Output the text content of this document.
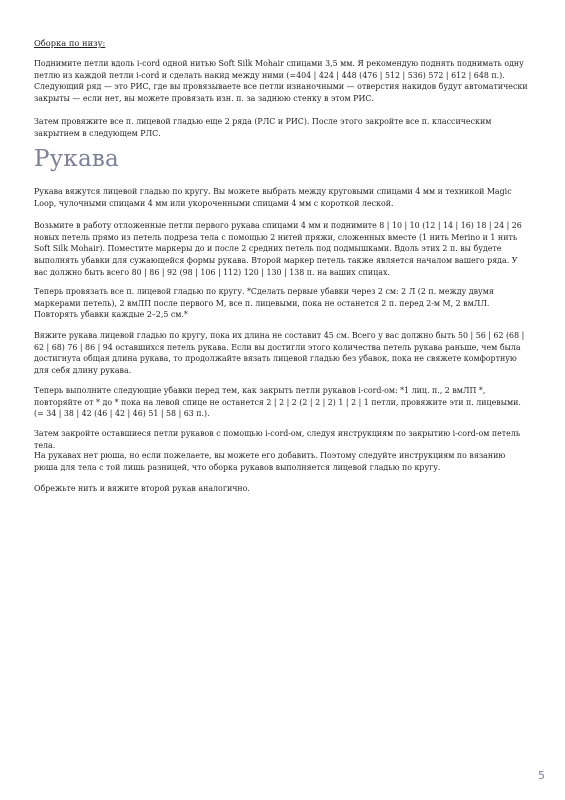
Оборка по низу:

Поднимите петли вдоль i-cord одной нитью Soft Silk Mohair спицами 3,5 мм. Я рекомендую поднять поднимать одну петлю из каждой петли i-cord и сделать накид между ними (=404 | 424 | 448 (476 | 512 | 536) 572 | 612 | 648 п.). Следующий ряд — это РИС, где вы провязываете все петли изнаночными — отверстия накидов будут автоматически закрыты — если нет, вы можете провязать изн. п. за заднюю стенку в этом РИС.

Затем провяжите все п. лицевой гладью еще 2 ряда (РЛС и РИС). После этого закройте все п. классическим закрытием в следующем РЛС.

Рукава

Рукава вяжутся лицевой гладью по кругу. Вы можете выбрать между круговыми спицами 4 мм и техникой Magic Loop, чулочными спицами 4 мм или укороченными спицами 4 мм с короткой леской.

Возьмите в работу отложенные петли первого рукава спицами 4 мм и поднимите 8 | 10 | 10 (12 | 14 | 16) 18 | 24 | 26 новых петель прямо из петель подреза тела с помощью 2 нитей пряжи, сложенных вместе (1 нить Merino и 1 нить Soft Silk Mohair). Поместите маркеры до и после 2 средних петель под подмышками. Вдоль этих 2 п. вы будете выполнять убавки для сужающейся формы рукава. Второй маркер петель также является началом вашего ряда. У вас должно быть всего 80 | 86 | 92 (98 | 106 | 112) 120 | 130 | 138 п. на ваших спицах.

Теперь провязать все п. лицевой гладью по кругу. *Сделать первые убавки через 2 см: 2 Л (2 п. между двумя маркерами петель), 2 вмЛП после первого М, все п. лицевыми, пока не останется 2 п. перед 2-м М, 2 вмЛЛ. Повторять убавки каждые 2–2,5 см.*

Вяжите рукава лицевой гладью по кругу, пока их длина не составит 45 см. Всего у вас должно быть 50 | 56 | 62 (68 | 62 | 68) 76 | 86 | 94 оставшихся петель рукава. Если вы достигли этого количества петель рукава раньше, чем была достигнута общая длина рукава, то продолжайте вязать лицевой гладью без убавок, пока не свяжете комфортную для себя длину рукава.

Теперь выполните следующие убавки перед тем, как закрыть петли рукавов i-cord-ом: *1 лиц. п., 2 вмЛП *, повторяйте от * до * пока на левой спице не останется 2 | 2 | 2 (2 | 2 | 2) 1 | 2 | 1 петли, провяжите эти п. лицевыми. (= 34 | 38 | 42 (46 | 42 | 46) 51 | 58 | 63 п.).

Затем закройте оставшиеся петли рукавов с помощью i-cord-ом, следуя инструкциям по закрытию i-cord-ом петель тела.

На рукавах нет рюша, но если пожелаете, вы можете его добавить. Поэтому следуйте инструкциям по вязанию рюша для тела с той лишь разницей, что оборка рукавов выполняется лицевой гладью по кругу.

Обрежьте нить и вяжите второй рукав аналогично.

5
